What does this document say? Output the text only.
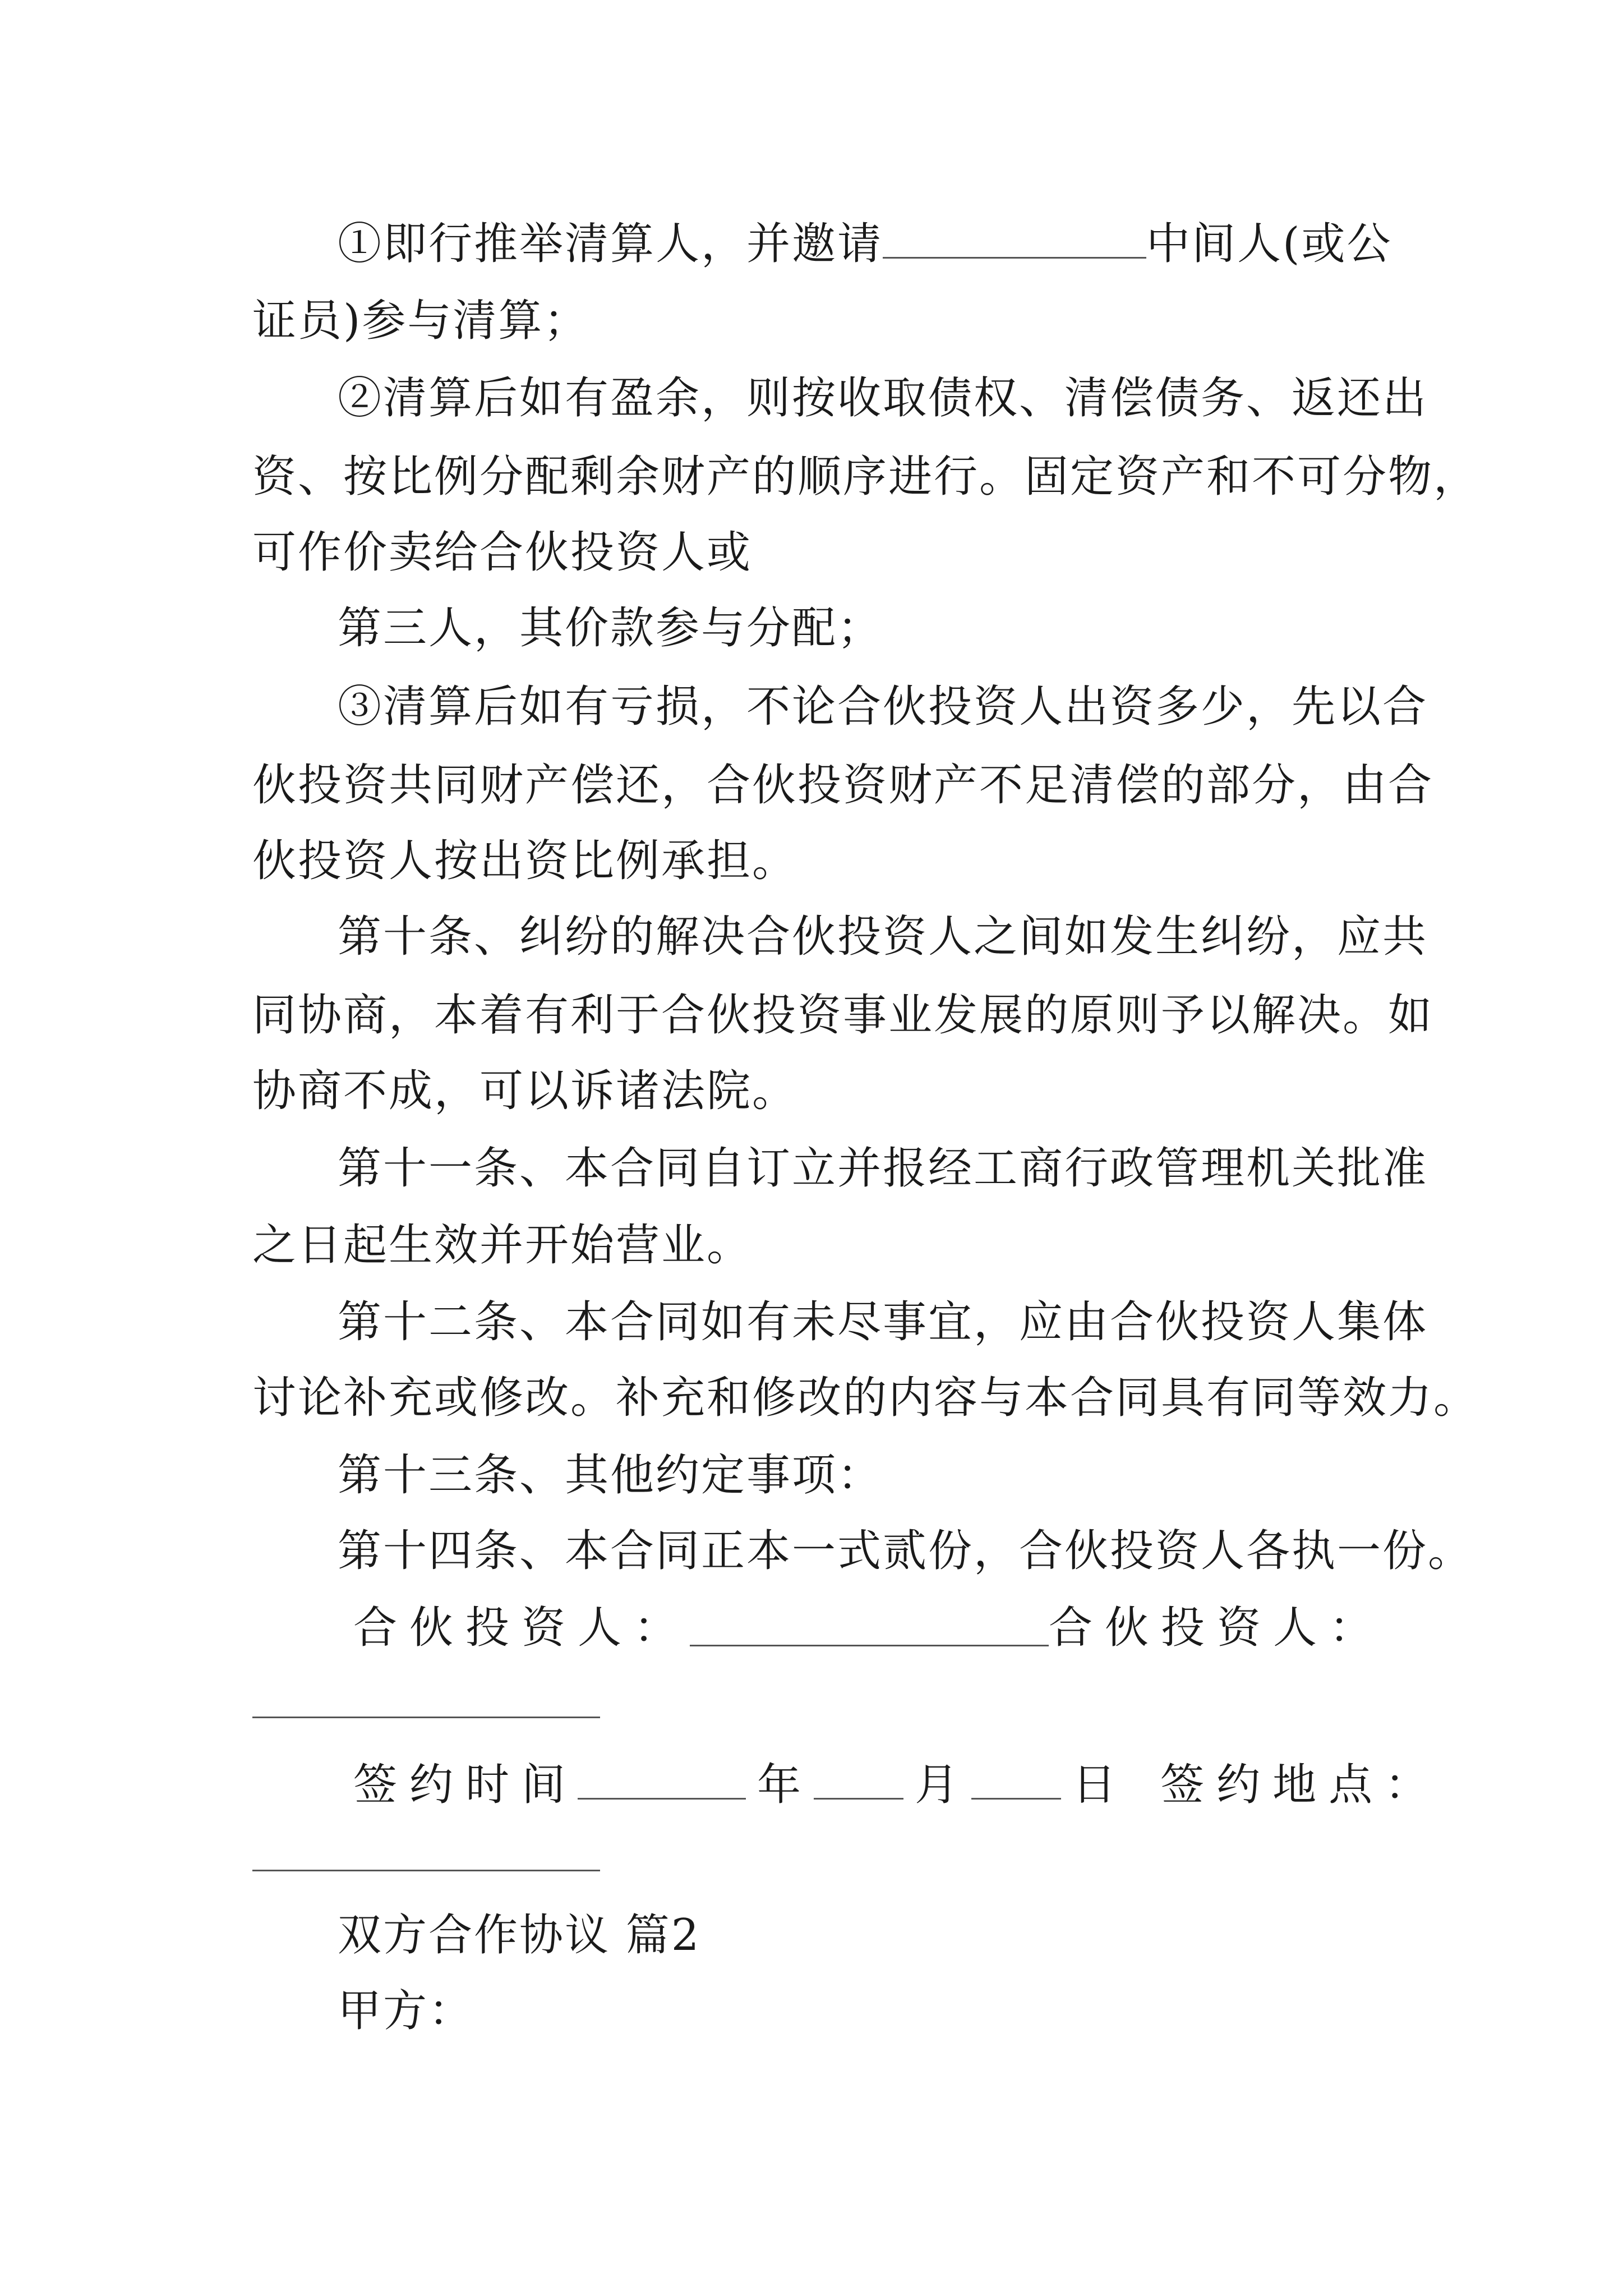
①即行推举清算人，并邀请	中间人(或公
证员)参与清算；
②清算后如有盈余，则按收取债权、清偿债务、返还出
资、按比例分配剩余财产的顺序进行。固定资产和不可分物，
可作价卖给合伙投资人或
第三人，其价款参与分配；
③清算后如有亏损，不论合伙投资人出资多少，先以合
伙投资共同财产偿还，合伙投资财产不足清偿的部分，由合
伙投资人按出资比例承担。
第十条、纠纷的解决合伙投资人之间如发生纠纷，应共
同协商，本着有利于合伙投资事业发展的原则予以解决。如
协商不成，可以诉诸法院。
第十一条、本合同自订立并报经工商行政管理机关批准
之日起生效并开始营业。
第十二条、本合同如有未尽事宜，应由合伙投资人集体
讨论补充或修改。补充和修改的内容与本合同具有同等效力。
第十三条、其他约定事项：
第十四条、本合同正本一式贰份，合伙投资人各执一份。
合伙投资人：	合伙投资人：
签约时间	年	月	日 签约地点：
双方合作协议 篇2
甲方：
